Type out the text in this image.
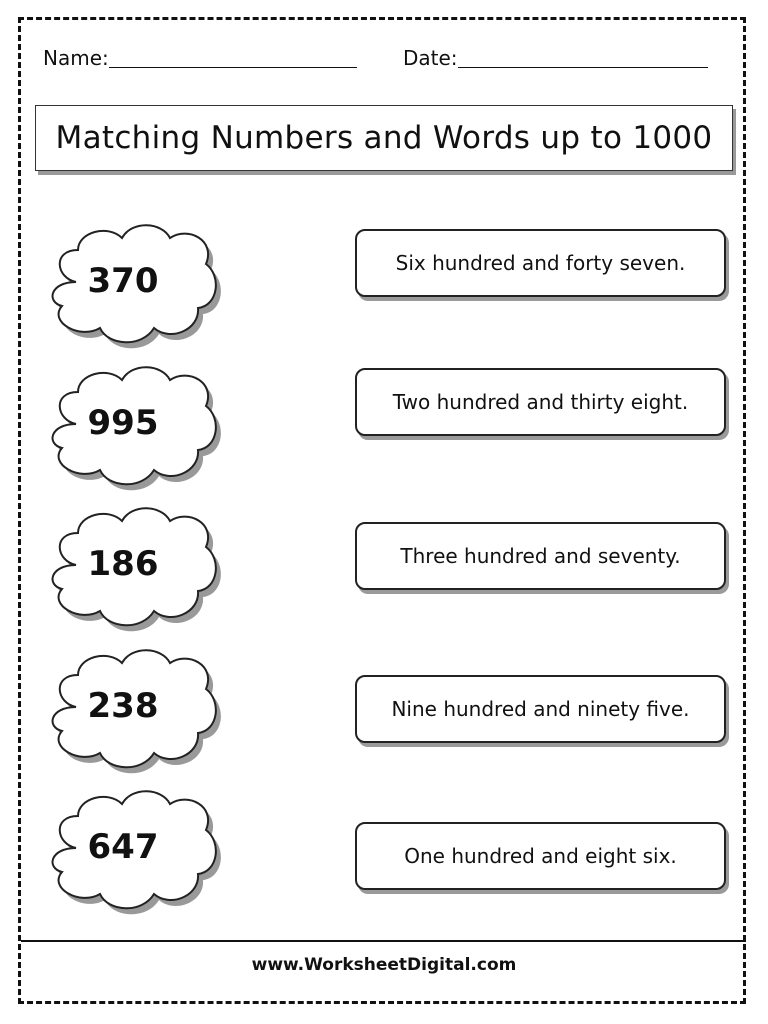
Name:	Date:
Matching Numbers and Words up to 1000
370
995
186
238
647
Six hundred and forty seven.
Two hundred and thirty eight.
Three hundred and seventy.
Nine hundred and ninety five.
One hundred and eight six.
www.WorksheetDigital.com
